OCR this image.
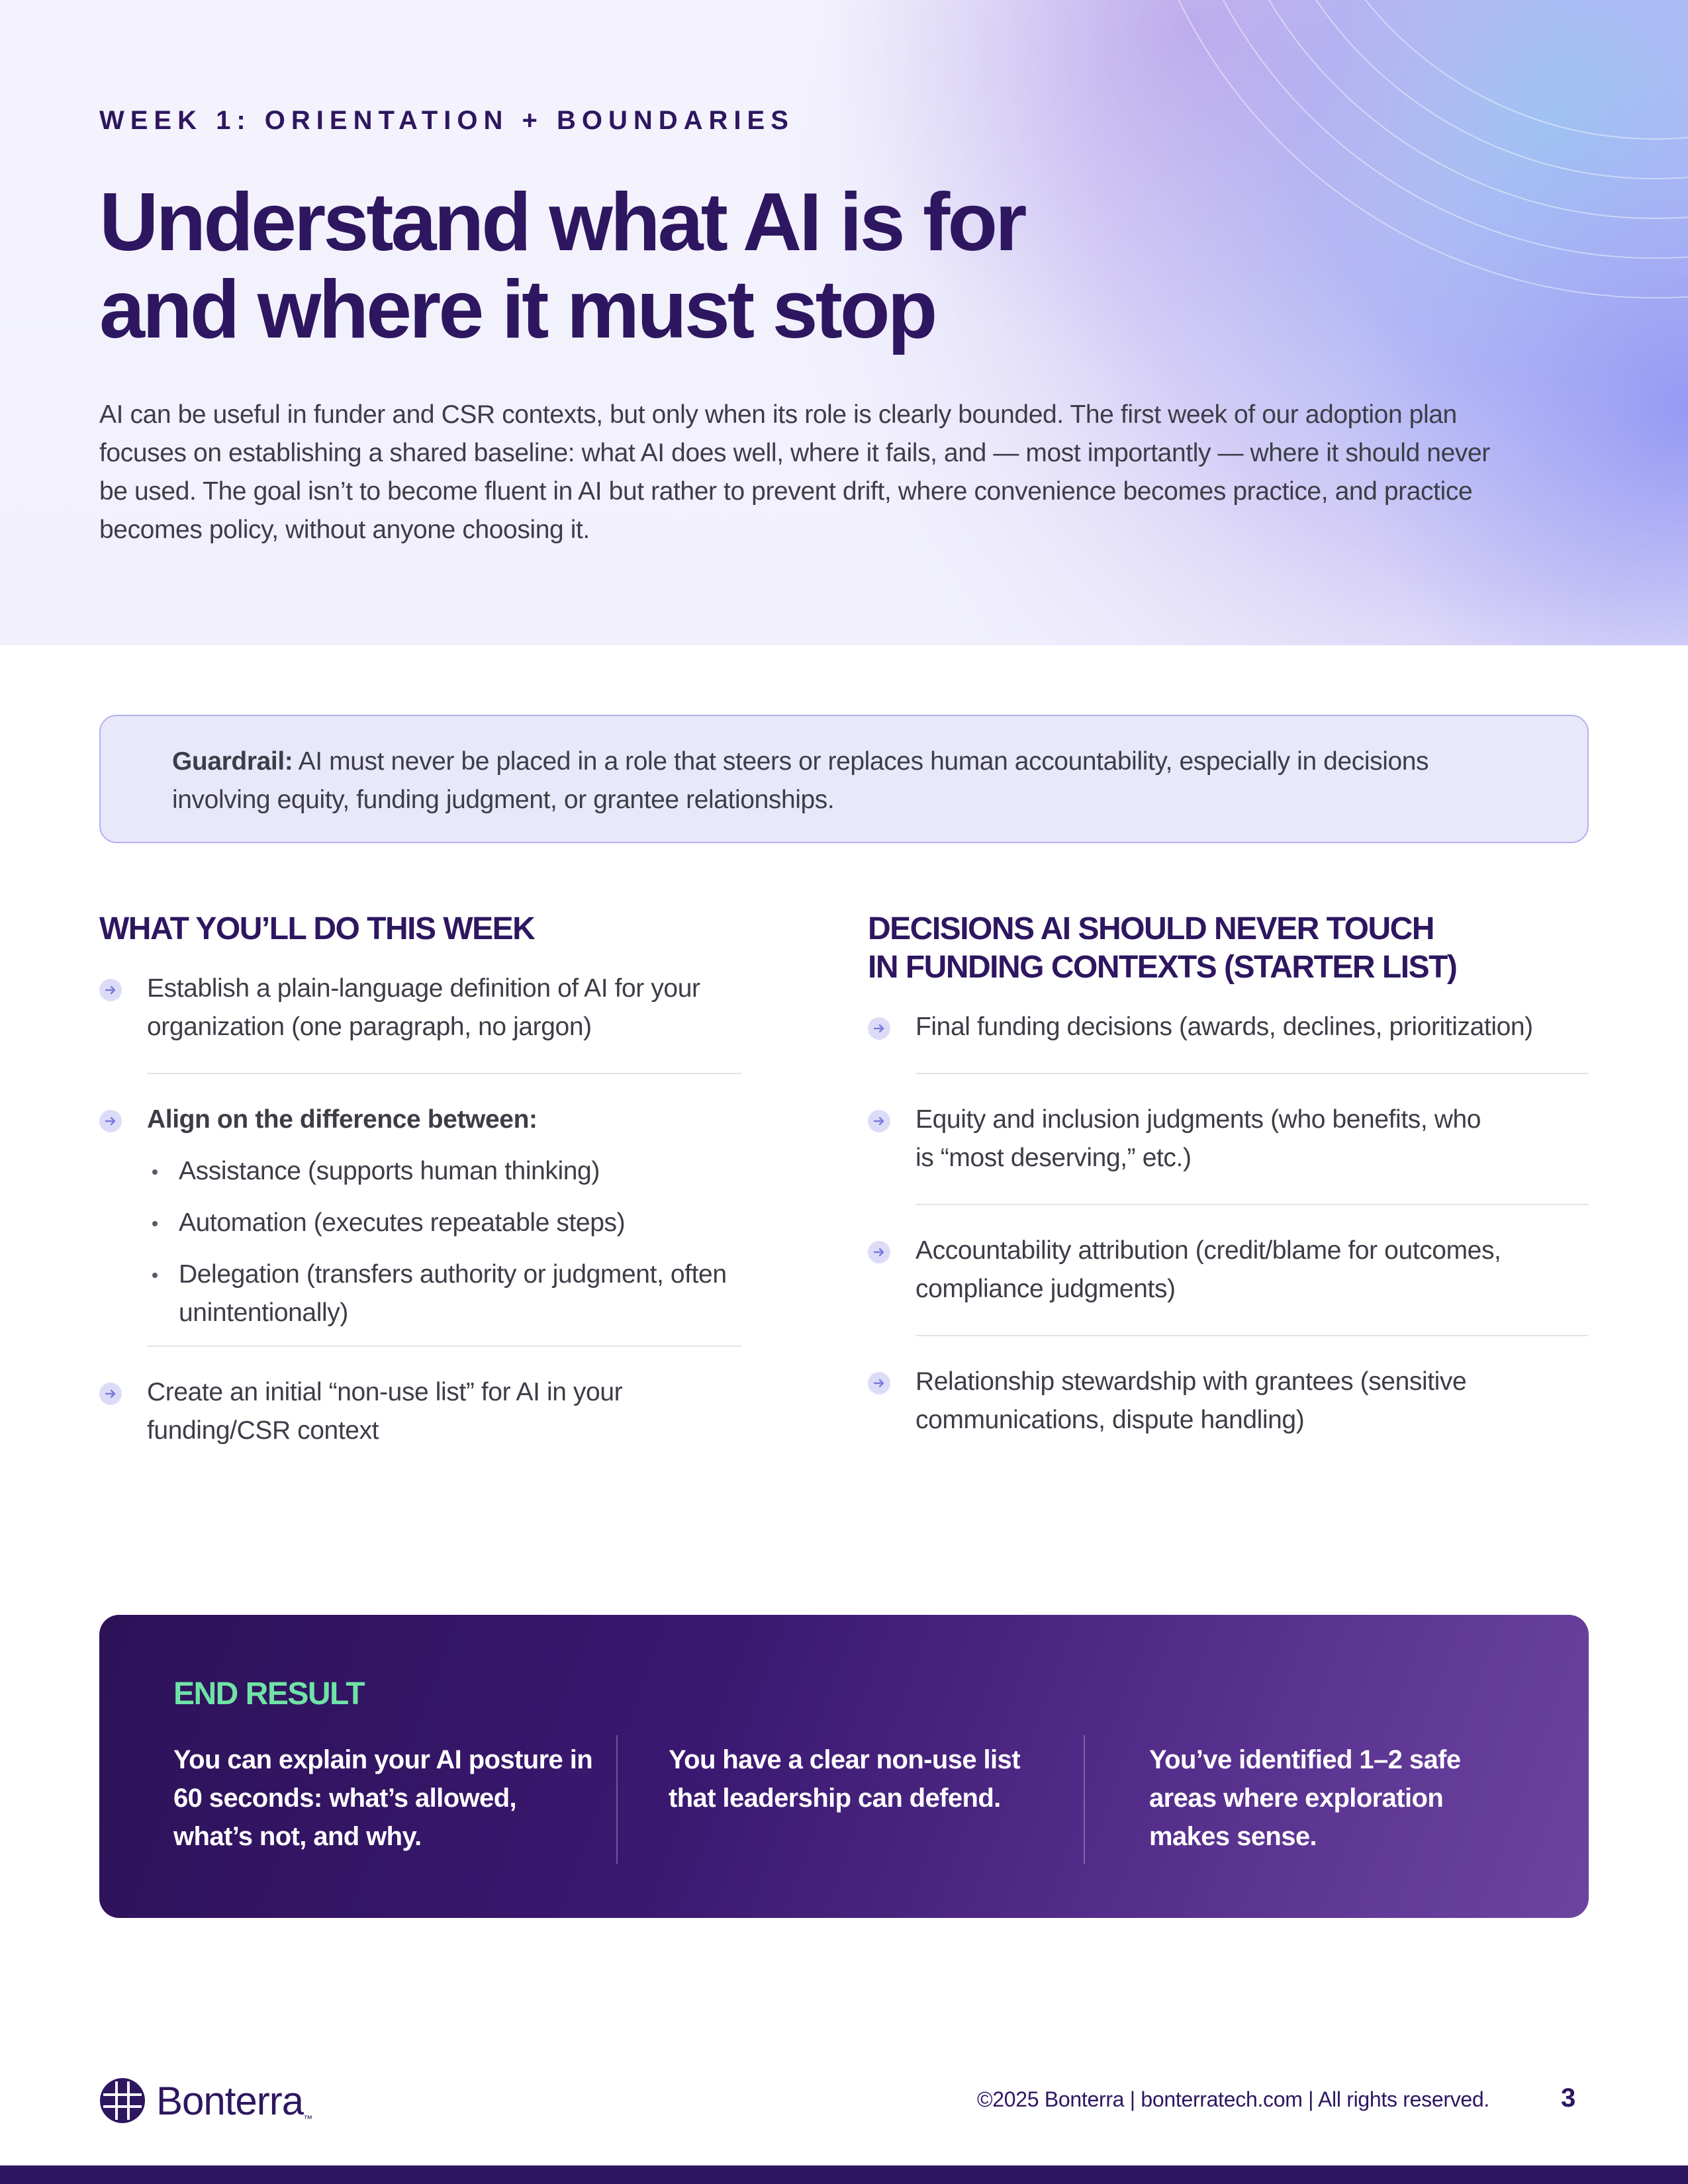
WEEK 1: ORIENTATION + BOUNDARIES
Understand what AI is for
and where it must stop

AI can be useful in funder and CSR contexts, but only when its role is clearly bounded. The first week of our adoption plan focuses on establishing a shared baseline: what AI does well, where it fails, and — most importantly — where it should never be used. The goal isn’t to become fluent in AI but rather to prevent drift, where convenience becomes practice, and practice becomes policy, without anyone choosing it.

Guardrail: AI must never be placed in a role that steers or replaces human accountability, especially in decisions involving equity, funding judgment, or grantee relationships.
WHAT YOU’LL DO THIS WEEK
Establish a plain-language definition of AI for your organization (one paragraph, no jargon)
Align on the difference between:
Assistance (supports human thinking)
Automation (executes repeatable steps)
Delegation (transfers authority or judgment, often unintentionally)
Create an initial “non-use list” for AI in your funding/CSR context
DECISIONS AI SHOULD NEVER TOUCH
IN FUNDING CONTEXTS (STARTER LIST)
Final funding decisions (awards, declines, prioritization)
Equity and inclusion judgments (who benefits, who is “most deserving,” etc.)
Accountability attribution (credit/blame for outcomes, compliance judgments)
Relationship stewardship with grantees (sensitive communications, dispute handling)
END RESULT

You can explain your AI posture in 60 seconds: what’s allowed, what’s not, and why.

You have a clear non-use list that leadership can defend.

You’ve identified 1–2 safe areas where exploration makes sense.

Bonterra™
©2025 Bonterra | bonterratech.com | All rights reserved.	3
